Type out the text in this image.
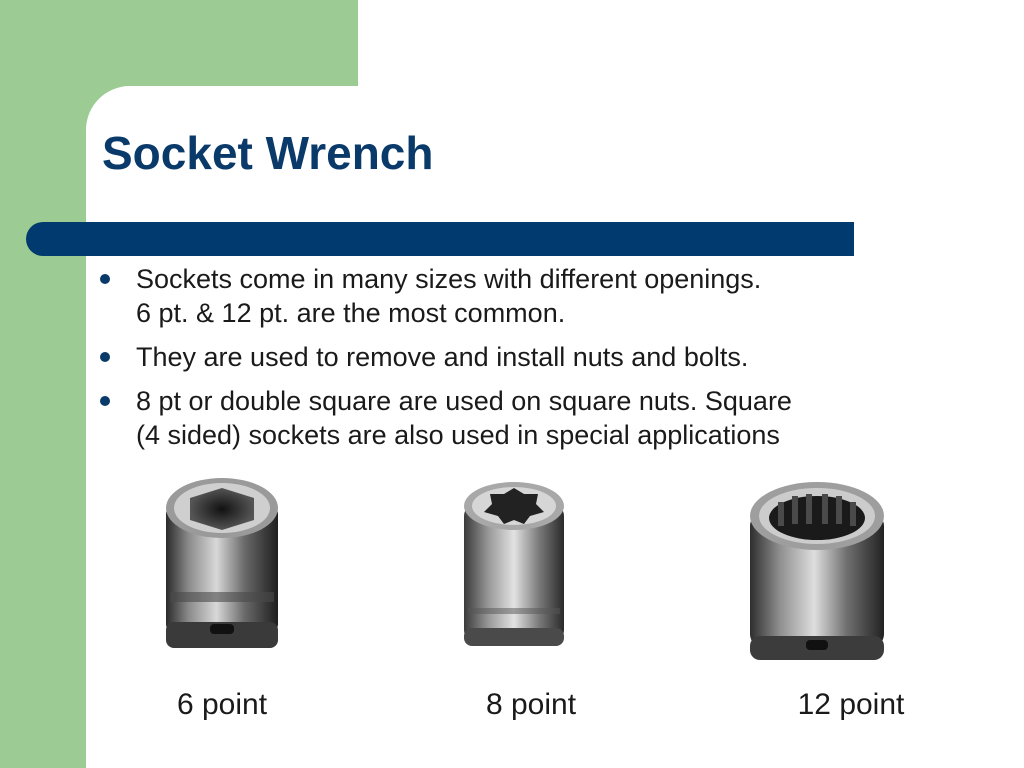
Socket Wrench
Sockets come in many sizes with different openings.
6 pt. & 12 pt. are the most common.
They are used to remove and install nuts and bolts.
8 pt or double square are used on square nuts. Square
(4 sided) sockets are also used in special applications
6 point	8 point	12 point
